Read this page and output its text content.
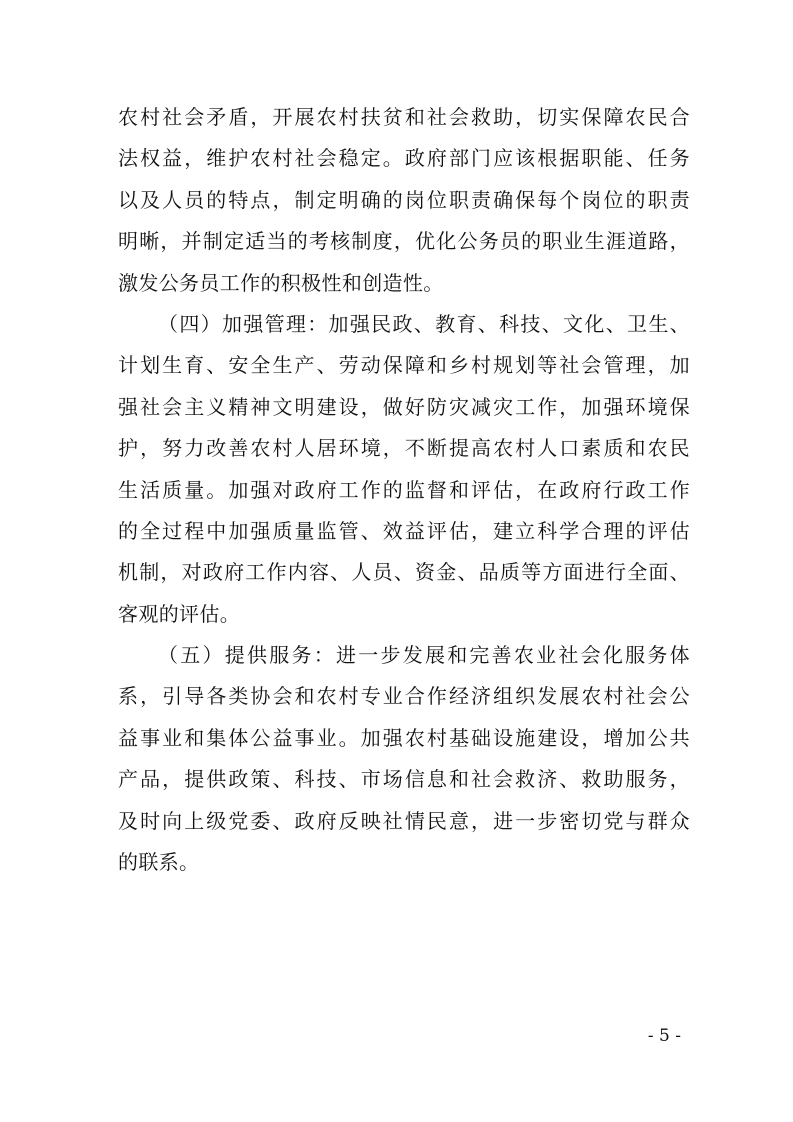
农村社会矛盾，开展农村扶贫和社会救助，切实保障农民合
法权益，维护农村社会稳定。政府部门应该根据职能、任务
以及人员的特点，制定明确的岗位职责确保每个岗位的职责
明晰，并制定适当的考核制度，优化公务员的职业生涯道路，
激发公务员工作的积极性和创造性。
（四）加强管理：加强民政、教育、科技、文化、卫生、
计划生育、安全生产、劳动保障和乡村规划等社会管理，加
强社会主义精神文明建设，做好防灾减灾工作，加强环境保
护，努力改善农村人居环境，不断提高农村人口素质和农民
生活质量。加强对政府工作的监督和评估，在政府行政工作
的全过程中加强质量监管、效益评估，建立科学合理的评估
机制，对政府工作内容、人员、资金、品质等方面进行全面、
客观的评估。
（五）提供服务：进一步发展和完善农业社会化服务体
系，引导各类协会和农村专业合作经济组织发展农村社会公
益事业和集体公益事业。加强农村基础设施建设，增加公共
产品，提供政策、科技、市场信息和社会救济、救助服务，
及时向上级党委、政府反映社情民意，进一步密切党与群众
的联系。
- 5 -
